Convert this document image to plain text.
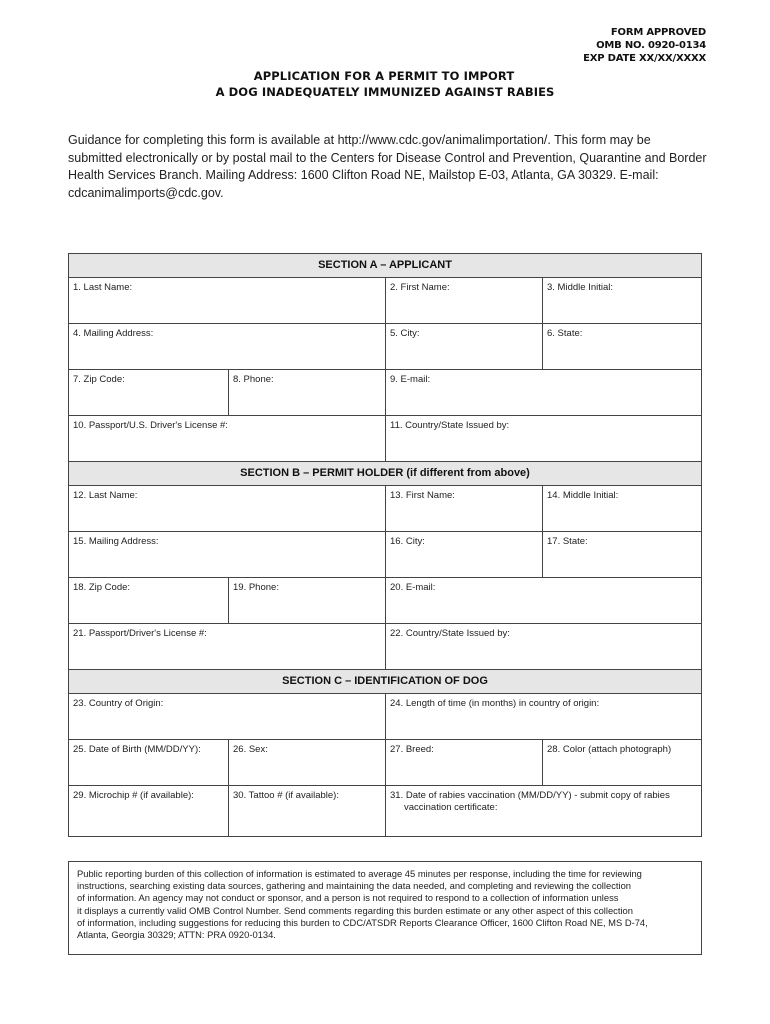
FORM APPROVED
OMB NO. 0920-0134
EXP DATE XX/XX/XXXX
APPLICATION FOR A PERMIT TO IMPORT
A DOG INADEQUATELY IMMUNIZED AGAINST RABIES
Guidance for completing this form is available at http://www.cdc.gov/animalimportation/. This form may be submitted electronically or by postal mail to the Centers for Disease Control and Prevention, Quarantine and Border Health Services Branch. Mailing Address: 1600 Clifton Road NE, Mailstop E-03, Atlanta, GA 30329. E-mail: cdcanimalimports@cdc.gov.
SECTION A – APPLICANT
1. Last Name:	2. First Name:	3. Middle Initial:
4. Mailing Address:	5. City:	6. State:
7. Zip Code:	8. Phone:	9. E-mail:
10. Passport/U.S. Driver's License #:	11. Country/State Issued by:
SECTION B – PERMIT HOLDER (if different from above)
12. Last Name:	13. First Name:	14. Middle Initial:
15. Mailing Address:	16. City:	17. State:
18. Zip Code:	19. Phone:	20. E-mail:
21. Passport/Driver's License #:	22. Country/State Issued by:
SECTION C – IDENTIFICATION OF DOG
23. Country of Origin:	24. Length of time (in months) in country of origin:
25. Date of Birth (MM/DD/YY):	26. Sex:	27. Breed:	28. Color (attach photograph)
29. Microchip # (if available):	30. Tattoo # (if available):	31. Date of rabies vaccination (MM/DD/YY) - submit copy of rabies
vaccination certificate:
Public reporting burden of this collection of information is estimated to average 45 minutes per response, including the time for reviewing
instructions, searching existing data sources, gathering and maintaining the data needed, and completing and reviewing the collection
of information. An agency may not conduct or sponsor, and a person is not required to respond to a collection of information unless
it displays a currently valid OMB Control Number. Send comments regarding this burden estimate or any other aspect of this collection
of information, including suggestions for reducing this burden to CDC/ATSDR Reports Clearance Officer, 1600 Clifton Road NE, MS D-74,
Atlanta, Georgia 30329; ATTN: PRA 0920-0134.
